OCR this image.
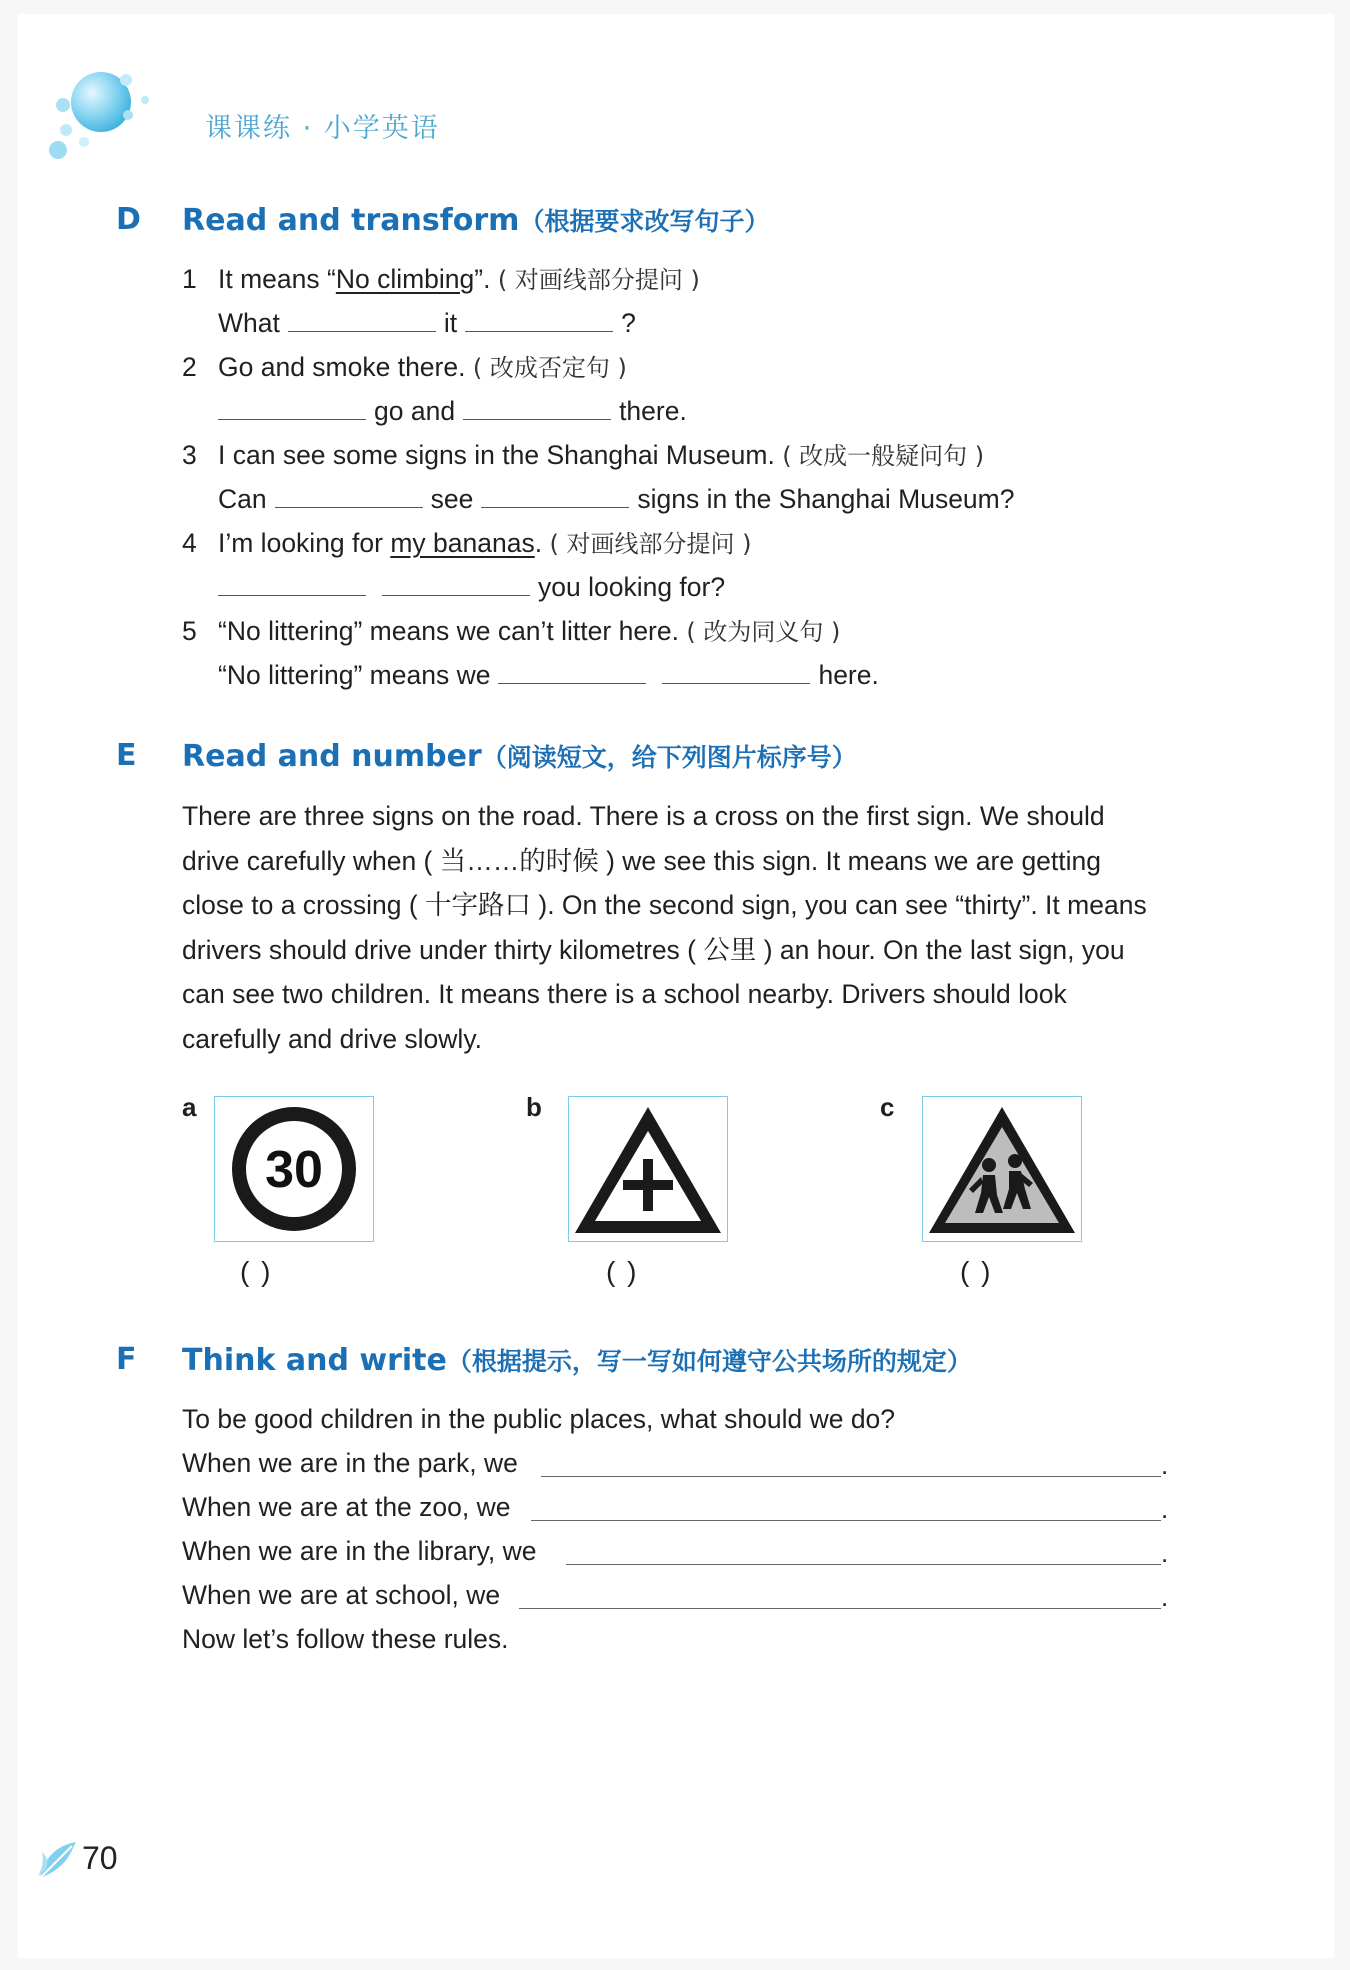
课课练 · 小学英语
D Read and transform（根据要求改写句子）
1 It means “No climbing”. ( 对画线部分提问 )
What	it	?
2 Go and smoke there. ( 改成否定句 )
go and	there.
3 I can see some signs in the Shanghai Museum. ( 改成一般疑问句 )
Can	see	signs in the Shanghai Museum?
4 I’m looking for my bananas. ( 对画线部分提问 )
you looking for?
5 “No littering” means we can’t litter here. ( 改为同义句 )
“No littering” means we	here.
E Read and number（阅读短文，给下列图片标序号）
There are three signs on the road. There is a cross on the first sign. We should
drive carefully when ( 当……的时候 ) we see this sign. It means we are getting
close to a crossing ( 十字路口 ). On the second sign, you can see “thirty”. It means
drivers should drive under thirty kilometres ( 公里 ) an hour. On the last sign, you
can see two children. It means there is a school nearby. Drivers should look
carefully and drive slowly.
a
30
( )
b
( )
c
( )
F Think and write（根据提示，写一写如何遵守公共场所的规定）
To be good children in the public places, what should we do?
When we are in the park, we	.
When we are at the zoo, we	.
When we are in the library, we	.
When we are at school, we	.
Now let’s follow these rules.
70
